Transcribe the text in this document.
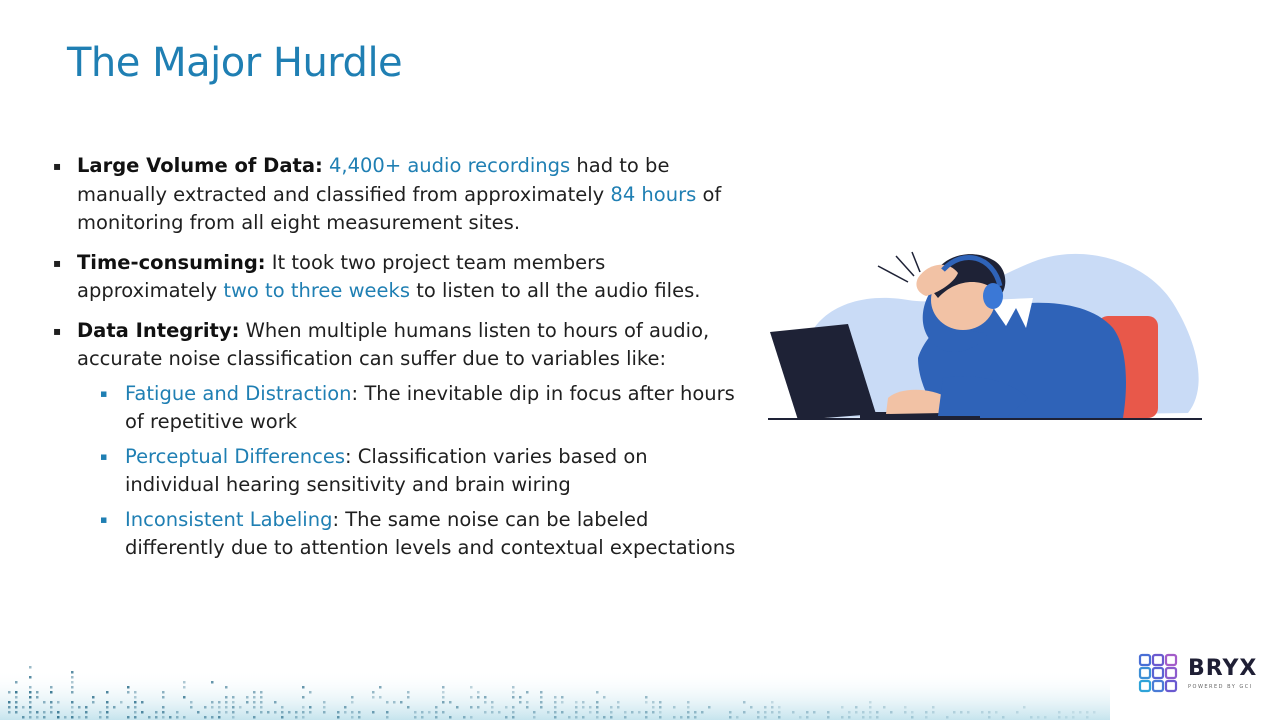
The Major Hurdle
▪
Large Volume of Data: 4,400+ audio recordings had to be manually extracted and classified from approximately 84 hours of monitoring from all eight measurement sites.
▪
Time-consuming: It took two project team members approximately two to three weeks to listen to all the audio files.
▪
Data Integrity: When multiple humans listen to hours of audio, accurate noise classification can suffer due to variables like:
▪
Fatigue and Distraction: The inevitable dip in focus after hours of repetitive work
▪
Perceptual Differences: Classification varies based on individual hearing sensitivity and brain wiring
▪
Inconsistent Labeling: The same noise can be labeled differently due to attention levels and contextual expectations
BRYX
POWERED BY GCI
